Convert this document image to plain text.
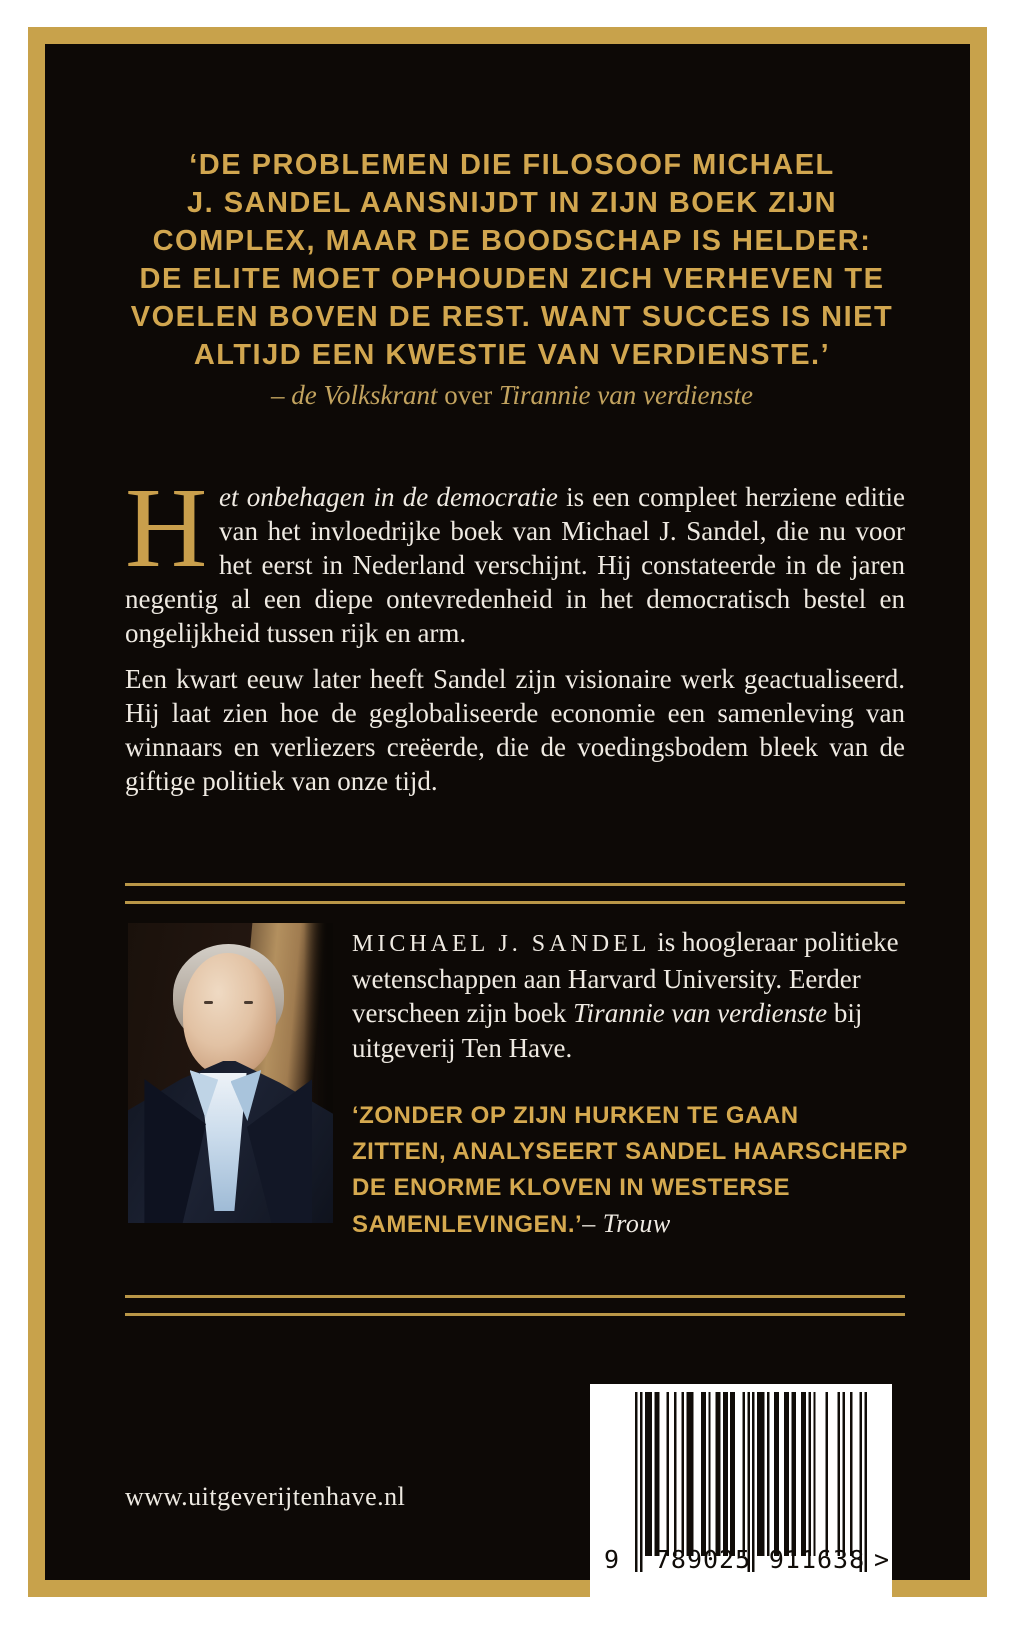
‘DE PROBLEMEN DIE FILOSOOF MICHAEL
J. SANDEL AANSNIJDT IN ZIJN BOEK ZIJN
COMPLEX, MAAR DE BOODSCHAP IS HELDER:
DE ELITE MOET OPHOUDEN ZICH VERHEVEN TE
VOELEN BOVEN DE REST. WANT SUCCES IS NIET
ALTIJD EEN KWESTIE VAN VERDIENSTE.’
– de Volkskrant over Tirannie van verdienste
Het onbehagen in de democratie is een compleet herziene editie van het invloedrijke boek van Michael J. Sandel, die nu voor het eerst in Nederland verschijnt. Hij constateerde in de jaren negentig al een diepe ontevredenheid in het democratisch bestel en ongelijkheid tussen rijk en arm.
Een kwart eeuw later heeft Sandel zijn visionaire werk geactualiseerd. Hij laat zien hoe de geglobaliseerde economie een samenleving van winnaars en verliezers creëerde, die de voedingsbodem bleek van de giftige politiek van onze tijd.
MICHAEL J. SANDEL is hoogleraar politieke wetenschappen aan Harvard University. Eerder verscheen zijn boek Tirannie van verdienste bij uitgeverij Ten Have.
‘ZONDER OP ZIJN HURKEN TE GAAN
ZITTEN, ANALYSEERT SANDEL HAARSCHERP
DE ENORME KLOVEN IN WESTERSE
SAMENLEVINGEN.’– Trouw
www.uitgeverijtenhave.nl
9 789025 911638 >
